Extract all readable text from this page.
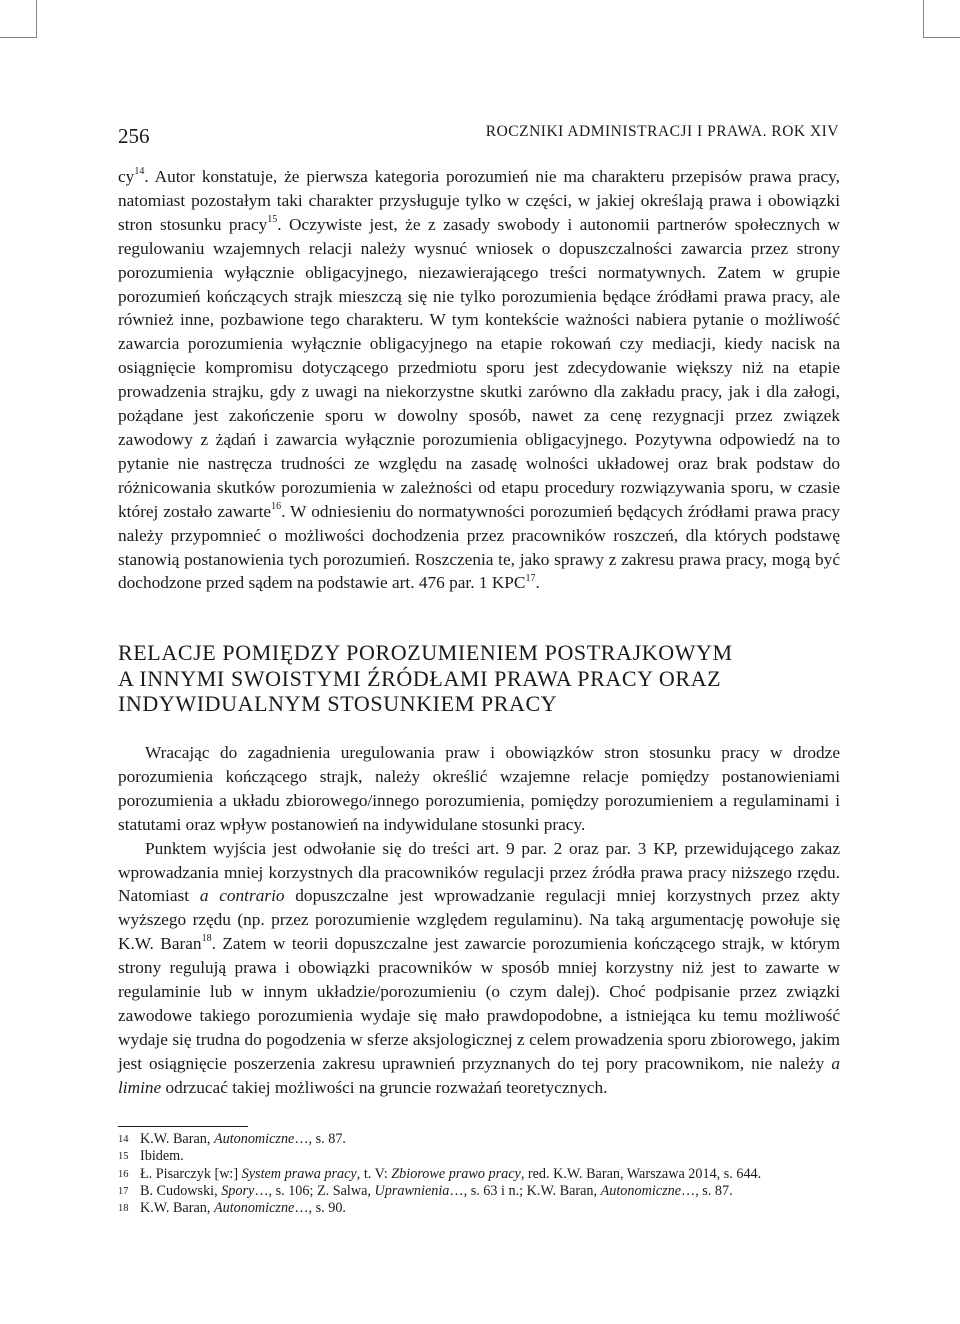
256	ROCZNIKI ADMINISTRACJI I PRAWA. ROK XIV

$cy^{14}$. Autor konstatuje, że pierwsza kategoria porozumień nie ma charakteru przepisów prawa pracy, natomiast pozostałym taki charakter przysługuje tylko w części, w jakiej określają prawa i obowiązki stron stosunku pracy$^{15}$. Oczywiste jest, że z zasady swobody i autonomii partnerów społecznych w regulowaniu wzajemnych relacji należy wysnuć wniosek o dopuszczalności zawarcia przez strony porozumienia wyłącznie obligacyjnego, niezawierającego treści normatywnych. Zatem w grupie porozumień kończących strajk mieszczą się nie tylko porozumienia będące źródłami prawa pracy, ale również inne, pozbawione tego charakteru. W tym kontekście ważności nabiera pytanie o możliwość zawarcia porozumienia wyłącznie obligacyjnego na etapie rokowań czy mediacji, kiedy nacisk na osiągnięcie kompromisu dotyczącego przedmiotu sporu jest zdecydowanie większy niż na etapie prowadzenia strajku, gdy z uwagi na niekorzystne skutki zarówno dla zakładu pracy, jak i dla załogi, pożądane jest zakończenie sporu w dowolny sposób, nawet za cenę rezygnacji przez związek zawodowy z żądań i zawarcia wyłącznie porozumienia obligacyjnego. Pozytywna odpowiedź na to pytanie nie nastręcza trudności ze względu na zasadę wolności układowej oraz brak podstaw do różnicowania skutków porozumienia w zależności od etapu procedury rozwiązywania sporu, w czasie której zostało zawarte$^{16}$. W odniesieniu do normatywności porozumień będących źródłami prawa pracy należy przypomnieć o możliwości dochodzenia przez pracowników roszczeń, dla których podstawę stanowią postanowienia tych porozumień. Roszczenia te, jako sprawy z zakresu prawa pracy, mogą być dochodzone przed sądem na podstawie art. 476 par. 1 KPC$^{17}$.

RELACJE POMIĘDZY POROZUMIENIEM POSTRAJKOWYM
A INNYMI SWOISTYMI ŹRÓDŁAMI PRAWA PRACY ORAZ
INDYWIDUALNYM STOSUNKIEM PRACY

Wracając do zagadnienia uregulowania praw i obowiązków stron stosunku pracy w drodze porozumienia kończącego strajk, należy określić wzajemne relacje pomiędzy postanowieniami porozumienia a układu zbiorowego/innego porozumienia, pomiędzy porozumieniem a regulaminami i statutami oraz wpływ postanowień na indywidulane stosunki pracy.

Punktem wyjścia jest odwołanie się do treści art. 9 par. 2 oraz par. 3 KP, przewidującego zakaz wprowadzania mniej korzystnych dla pracowników regulacji przez źródła prawa pracy niższego rzędu. Natomiast a contrario dopuszczalne jest wprowadzanie regulacji mniej korzystnych przez akty wyższego rzędu (np. przez porozumienie względem regulaminu). Na taką argumentację powołuje się K.W. Baran$^{18}$. Zatem w teorii dopuszczalne jest zawarcie porozumienia kończącego strajk, w którym strony regulują prawa i obowiązki pracowników w sposób mniej korzystny niż jest to zawarte w regulaminie lub w innym układzie/porozumieniu (o czym dalej). Choć podpisanie przez związki zawodowe takiego porozumienia wydaje się mało prawdopodobne, a istniejąca ku temu możliwość wydaje się trudna do pogodzenia w sferze aksjologicznej z celem prowadzenia sporu zbiorowego, jakim jest osiągnięcie poszerzenia zakresu uprawnień przyznanych do tej pory pracownikom, nie należy a limine odrzucać takiej możliwości na gruncie rozważań teoretycznych.

14 K.W. Baran, Autonomiczne…, s. 87.
15 Ibidem.
16 Ł. Pisarczyk [w:] System prawa pracy, t. V: Zbiorowe prawo pracy, red. K.W. Baran, Warszawa 2014, s. 644.
17 B. Cudowski, Spory…, s. 106; Z. Salwa, Uprawnienia…, s. 63 i n.; K.W. Baran, Autonomiczne…, s. 87.
18 K.W. Baran, Autonomiczne…, s. 90.
